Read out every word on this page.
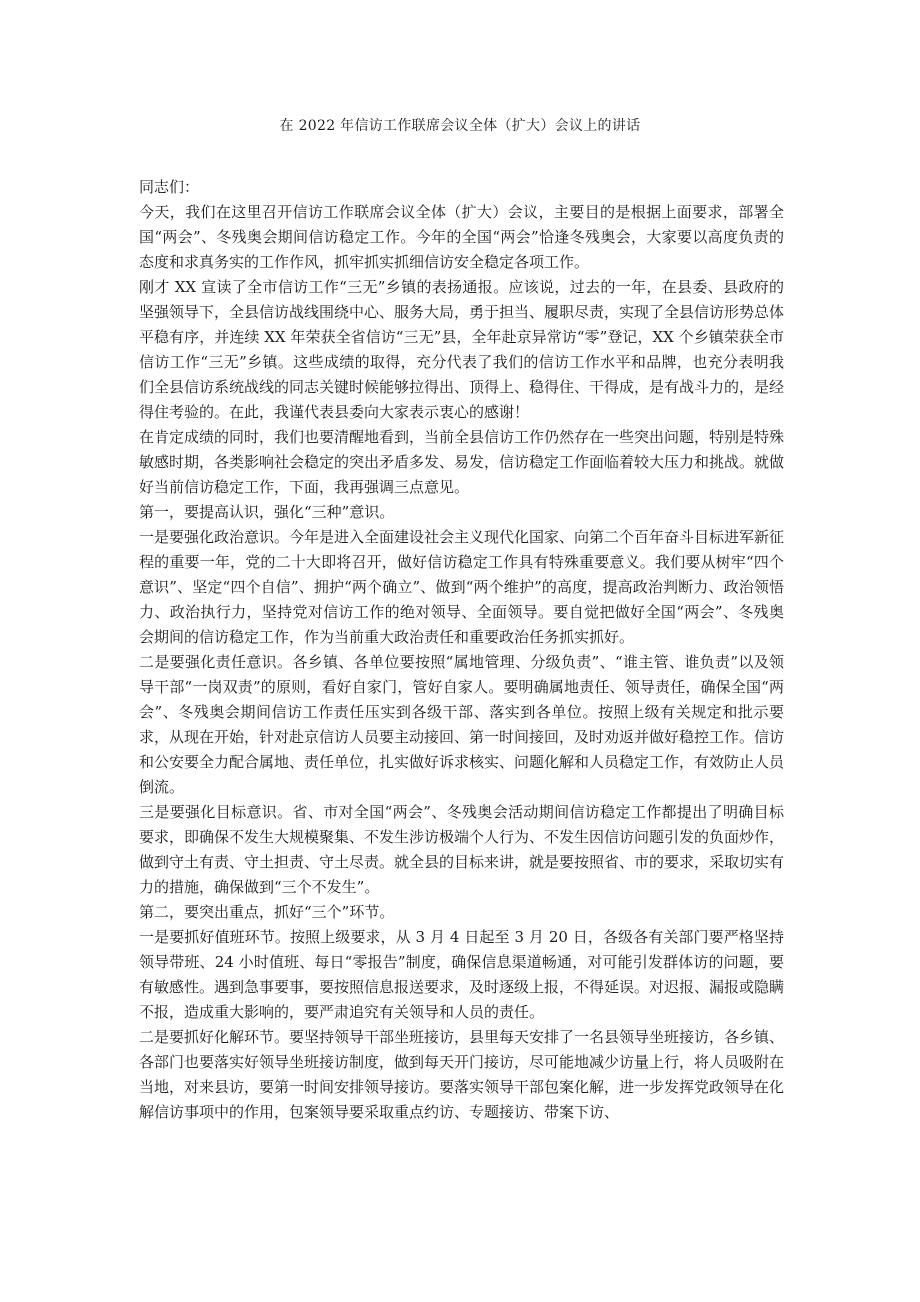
在 2022 年信访工作联席会议全体（扩大）会议上的讲话

同志们：

今天，我们在这里召开信访工作联席会议全体（扩大）会议，主要目的是根据上面要求，部署全国“两会”、冬残奥会期间信访稳定工作。今年的全国“两会”恰逢冬残奥会，大家要以高度负责的态度和求真务实的工作作风，抓牢抓实抓细信访安全稳定各项工作。

刚才 XX 宣读了全市信访工作“三无”乡镇的表扬通报。应该说，过去的一年，在县委、县政府的坚强领导下，全县信访战线围绕中心、服务大局，勇于担当、履职尽责，实现了全县信访形势总体平稳有序，并连续 XX 年荣获全省信访“三无”县，全年赴京异常访“零”登记，XX 个乡镇荣获全市信访工作“三无”乡镇。这些成绩的取得，充分代表了我们的信访工作水平和品牌，也充分表明我们全县信访系统战线的同志关键时候能够拉得出、顶得上、稳得住、干得成，是有战斗力的，是经得住考验的。在此，我谨代表县委向大家表示衷心的感谢！

在肯定成绩的同时，我们也要清醒地看到，当前全县信访工作仍然存在一些突出问题，特别是特殊敏感时期，各类影响社会稳定的突出矛盾多发、易发，信访稳定工作面临着较大压力和挑战。就做好当前信访稳定工作，下面，我再强调三点意见。

第一，要提高认识，强化“三种”意识。

一是要强化政治意识。今年是进入全面建设社会主义现代化国家、向第二个百年奋斗目标进军新征程的重要一年，党的二十大即将召开，做好信访稳定工作具有特殊重要意义。我们要从树牢“四个意识”、坚定“四个自信”、拥护“两个确立”、做到“两个维护”的高度，提高政治判断力、政治领悟力、政治执行力，坚持党对信访工作的绝对领导、全面领导。要自觉把做好全国“两会”、冬残奥会期间的信访稳定工作，作为当前重大政治责任和重要政治任务抓实抓好。

二是要强化责任意识。各乡镇、各单位要按照“属地管理、分级负责”、“谁主管、谁负责”以及领导干部“一岗双责”的原则，看好自家门，管好自家人。要明确属地责任、领导责任，确保全国“两会”、冬残奥会期间信访工作责任压实到各级干部、落实到各单位。按照上级有关规定和批示要求，从现在开始，针对赴京信访人员要主动接回、第一时间接回，及时劝返并做好稳控工作。信访和公安要全力配合属地、责任单位，扎实做好诉求核实、问题化解和人员稳定工作，有效防止人员倒流。

三是要强化目标意识。省、市对全国“两会”、冬残奥会活动期间信访稳定工作都提出了明确目标要求，即确保不发生大规模聚集、不发生涉访极端个人行为、不发生因信访问题引发的负面炒作，做到守土有责、守土担责、守土尽责。就全县的目标来讲，就是要按照省、市的要求，采取切实有力的措施，确保做到“三个不发生”。

第二，要突出重点，抓好“三个”环节。

一是要抓好值班环节。按照上级要求，从 3 月 4 日起至 3 月 20 日，各级各有关部门要严格坚持领导带班、24 小时值班、每日“零报告”制度，确保信息渠道畅通，对可能引发群体访的问题，要有敏感性。遇到急事要事，要按照信息报送要求，及时逐级上报，不得延误。对迟报、漏报或隐瞒不报，造成重大影响的，要严肃追究有关领导和人员的责任。

二是要抓好化解环节。要坚持领导干部坐班接访，县里每天安排了一名县领导坐班接访，各乡镇、各部门也要落实好领导坐班接访制度，做到每天开门接访，尽可能地减少访量上行，将人员吸附在当地，对来县访，要第一时间安排领导接访。要落实领导干部包案化解，进一步发挥党政领导在化解信访事项中的作用，包案领导要采取重点约访、专题接访、带案下访、
